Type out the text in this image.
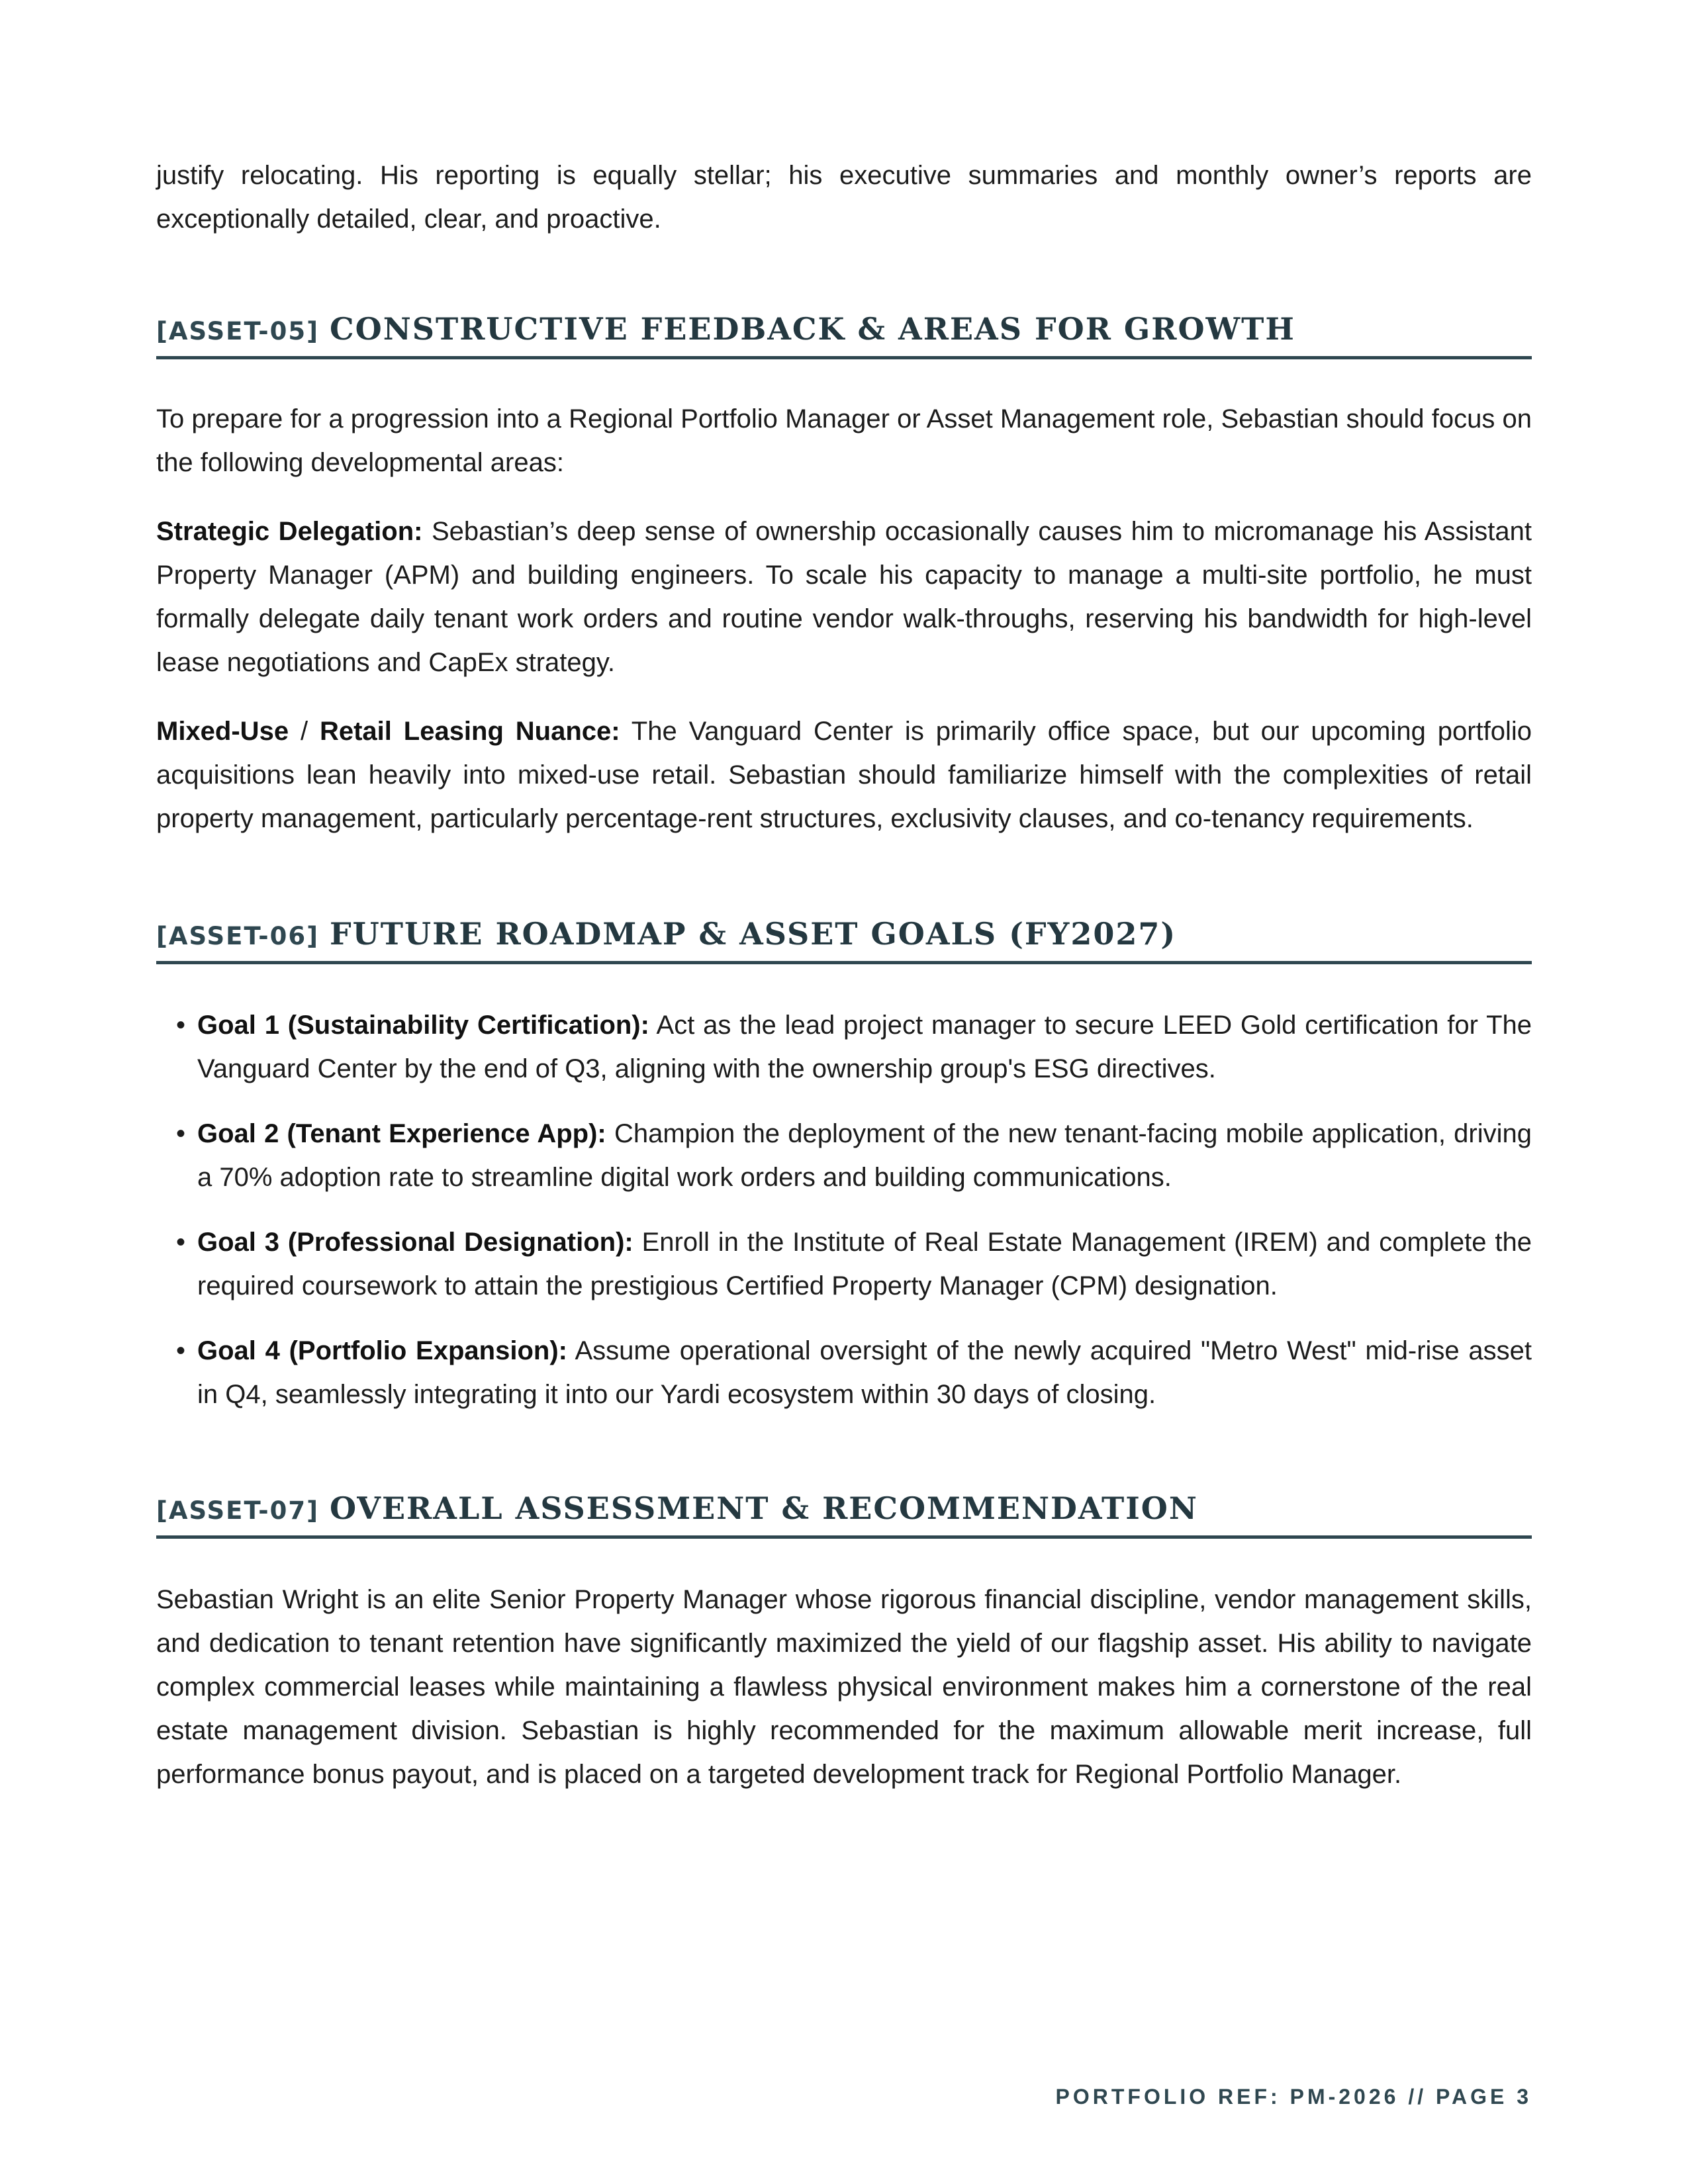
justify relocating. His reporting is equally stellar; his executive summaries and monthly owner’s reports are exceptionally detailed, clear, and proactive.

[ASSET-05] CONSTRUCTIVE FEEDBACK & AREAS FOR GROWTH

To prepare for a progression into a Regional Portfolio Manager or Asset Management role, Sebastian should focus on the following developmental areas:

Strategic Delegation: Sebastian’s deep sense of ownership occasionally causes him to micromanage his Assistant Property Manager (APM) and building engineers. To scale his capacity to manage a multi-site portfolio, he must formally delegate daily tenant work orders and routine vendor walk-throughs, reserving his bandwidth for high-level lease negotiations and CapEx strategy.

Mixed-Use / Retail Leasing Nuance: The Vanguard Center is primarily office space, but our upcoming portfolio acquisitions lean heavily into mixed-use retail. Sebastian should familiarize himself with the complexities of retail property management, particularly percentage-rent structures, exclusivity clauses, and co-tenancy requirements.

[ASSET-06] FUTURE ROADMAP & ASSET GOALS (FY2027)
• Goal 1 (Sustainability Certification): Act as the lead project manager to secure LEED Gold certification for The Vanguard Center by the end of Q3, aligning with the ownership group's ESG directives.
• Goal 2 (Tenant Experience App): Champion the deployment of the new tenant-facing mobile application, driving a 70% adoption rate to streamline digital work orders and building communications.
• Goal 3 (Professional Designation): Enroll in the Institute of Real Estate Management (IREM) and complete the required coursework to attain the prestigious Certified Property Manager (CPM) designation.
• Goal 4 (Portfolio Expansion): Assume operational oversight of the newly acquired "Metro West" mid-rise asset in Q4, seamlessly integrating it into our Yardi ecosystem within 30 days of closing.
[ASSET-07] OVERALL ASSESSMENT & RECOMMENDATION

Sebastian Wright is an elite Senior Property Manager whose rigorous financial discipline, vendor management skills, and dedication to tenant retention have significantly maximized the yield of our flagship asset. His ability to navigate complex commercial leases while maintaining a flawless physical environment makes him a cornerstone of the real estate management division. Sebastian is highly recommended for the maximum allowable merit increase, full performance bonus payout, and is placed on a targeted development track for Regional Portfolio Manager.

PORTFOLIO REF: PM-2026 // PAGE 3
